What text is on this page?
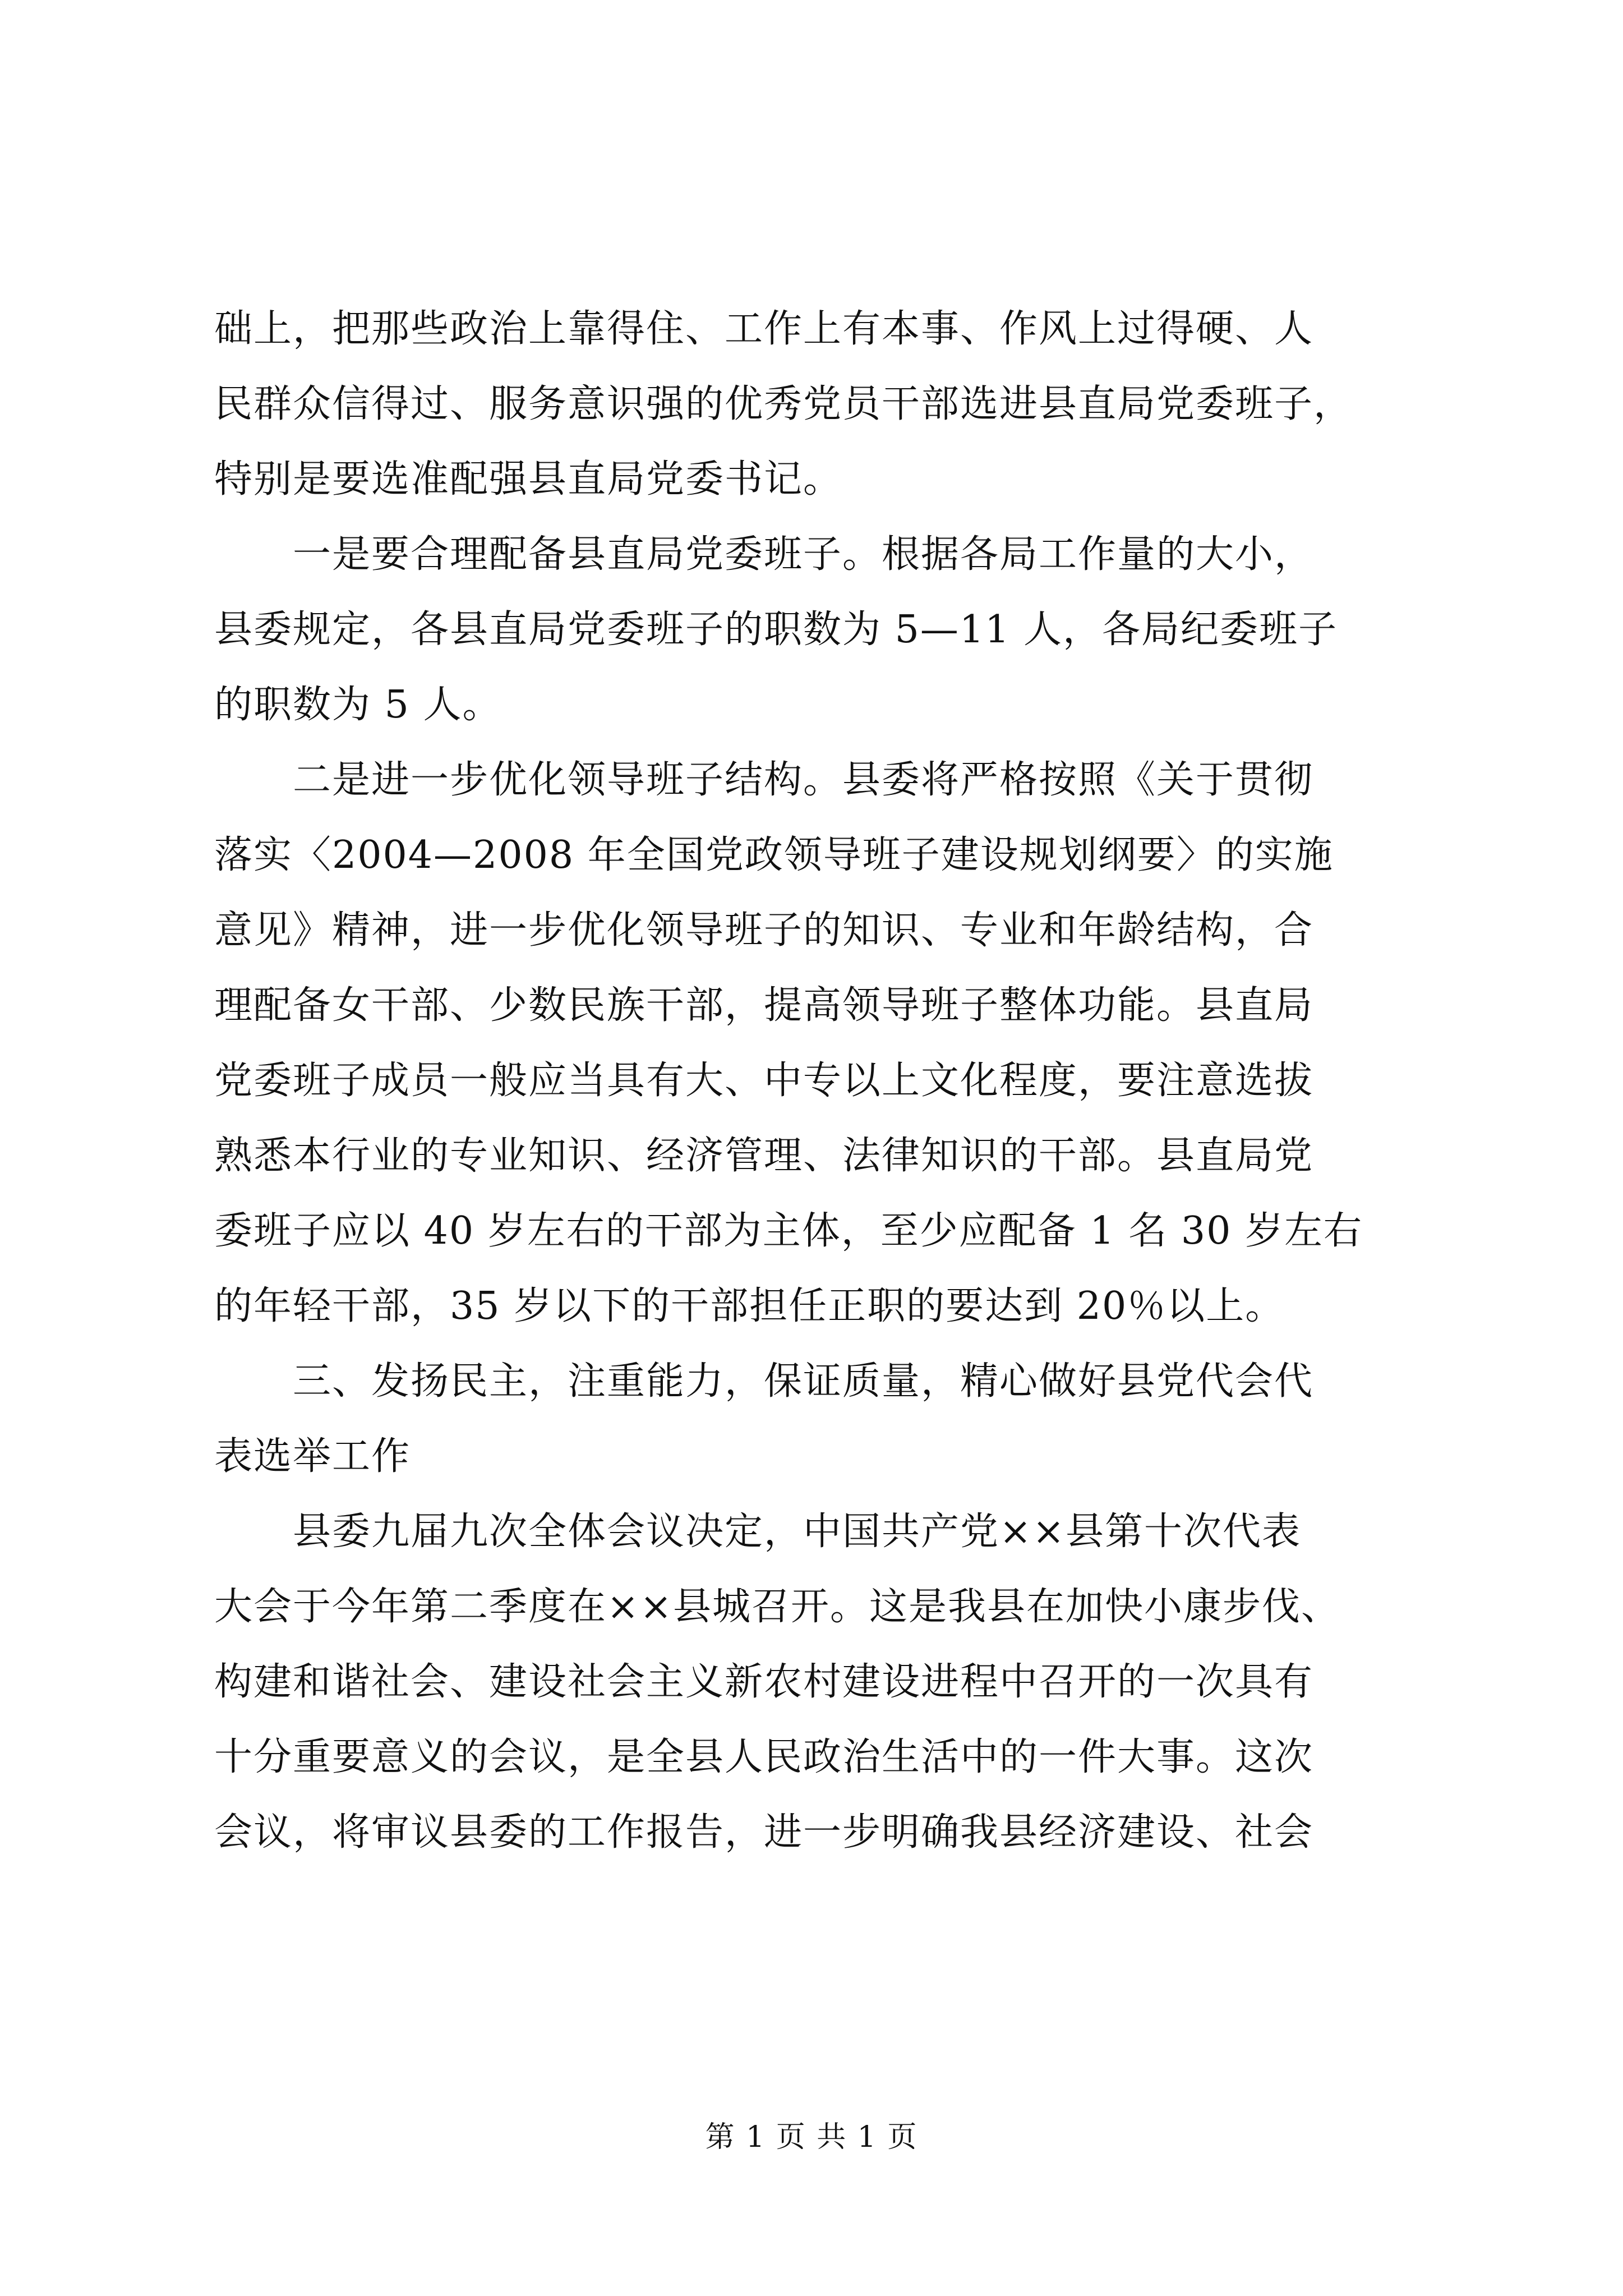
础上，把那些政治上靠得住、工作上有本事、作风上过得硬、人
民群众信得过、服务意识强的优秀党员干部选进县直局党委班子，
特别是要选准配强县直局党委书记。
一是要合理配备县直局党委班子。根据各局工作量的大小，
县委规定，各县直局党委班子的职数为 5—11 人，各局纪委班子
的职数为 5 人。
二是进一步优化领导班子结构。县委将严格按照《关于贯彻
落实〈2004—2008 年全国党政领导班子建设规划纲要〉的实施
意见》精神，进一步优化领导班子的知识、专业和年龄结构，合
理配备女干部、少数民族干部，提高领导班子整体功能。县直局
党委班子成员一般应当具有大、中专以上文化程度，要注意选拔
熟悉本行业的专业知识、经济管理、法律知识的干部。县直局党
委班子应以 40 岁左右的干部为主体，至少应配备 1 名 30 岁左右
的年轻干部，35 岁以下的干部担任正职的要达到 20％以上。
三、发扬民主，注重能力，保证质量，精心做好县党代会代
表选举工作
县委九届九次全体会议决定，中国共产党××县第十次代表
大会于今年第二季度在××县城召开。这是我县在加快小康步伐、
构建和谐社会、建设社会主义新农村建设进程中召开的一次具有
十分重要意义的会议，是全县人民政治生活中的一件大事。这次
会议，将审议县委的工作报告，进一步明确我县经济建设、社会
第 1 页 共 1 页
